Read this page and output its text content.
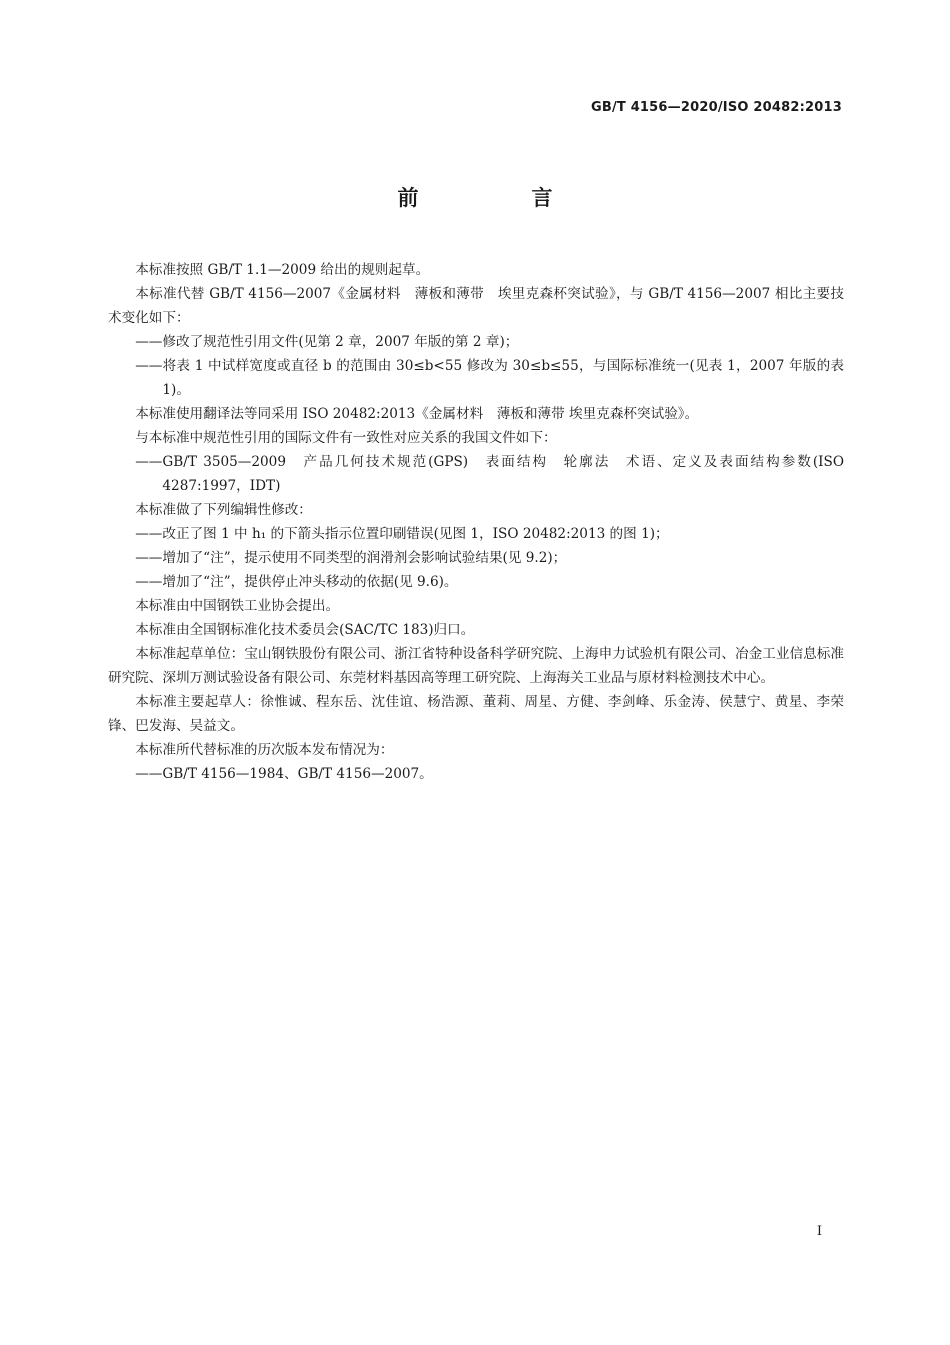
GB/T 4156—2020/ISO 20482:2013
前　言

本标准按照 GB/T 1.1—2009 给出的规则起草。

本标准代替 GB/T 4156—2007《金属材料　薄板和薄带　埃里克森杯突试验》，与 GB/T 4156—2007 相比主要技术变化如下：

——修改了规范性引用文件(见第 2 章，2007 年版的第 2 章)；

——将表 1 中试样宽度或直径 b 的范围由 30≤b<55 修改为 30≤b≤55，与国际标准统一(见表 1，2007 年版的表 1)。

本标准使用翻译法等同采用 ISO 20482:2013《金属材料　薄板和薄带 埃里克森杯突试验》。

与本标准中规范性引用的国际文件有一致性对应关系的我国文件如下：

——GB/T 3505—2009　产品几何技术规范(GPS)　表面结构　轮廓法　术语、定义及表面结构参数(ISO 4287:1997，IDT)

本标准做了下列编辑性修改：

——改正了图 1 中 h₁ 的下箭头指示位置印刷错误(见图 1，ISO 20482:2013 的图 1)；

——增加了“注”，提示使用不同类型的润滑剂会影响试验结果(见 9.2)；

——增加了“注”，提供停止冲头移动的依据(见 9.6)。

本标准由中国钢铁工业协会提出。

本标准由全国钢标准化技术委员会(SAC/TC 183)归口。

本标准起草单位：宝山钢铁股份有限公司、浙江省特种设备科学研究院、上海申力试验机有限公司、冶金工业信息标准研究院、深圳万测试验设备有限公司、东莞材料基因高等理工研究院、上海海关工业品与原材料检测技术中心。

本标准主要起草人：徐惟诚、程东岳、沈佳谊、杨浩源、董莉、周星、方健、李剑峰、乐金涛、侯慧宁、黄星、李荣锋、巴发海、吴益文。

本标准所代替标准的历次版本发布情况为：

——GB/T 4156—1984、GB/T 4156—2007。

I
